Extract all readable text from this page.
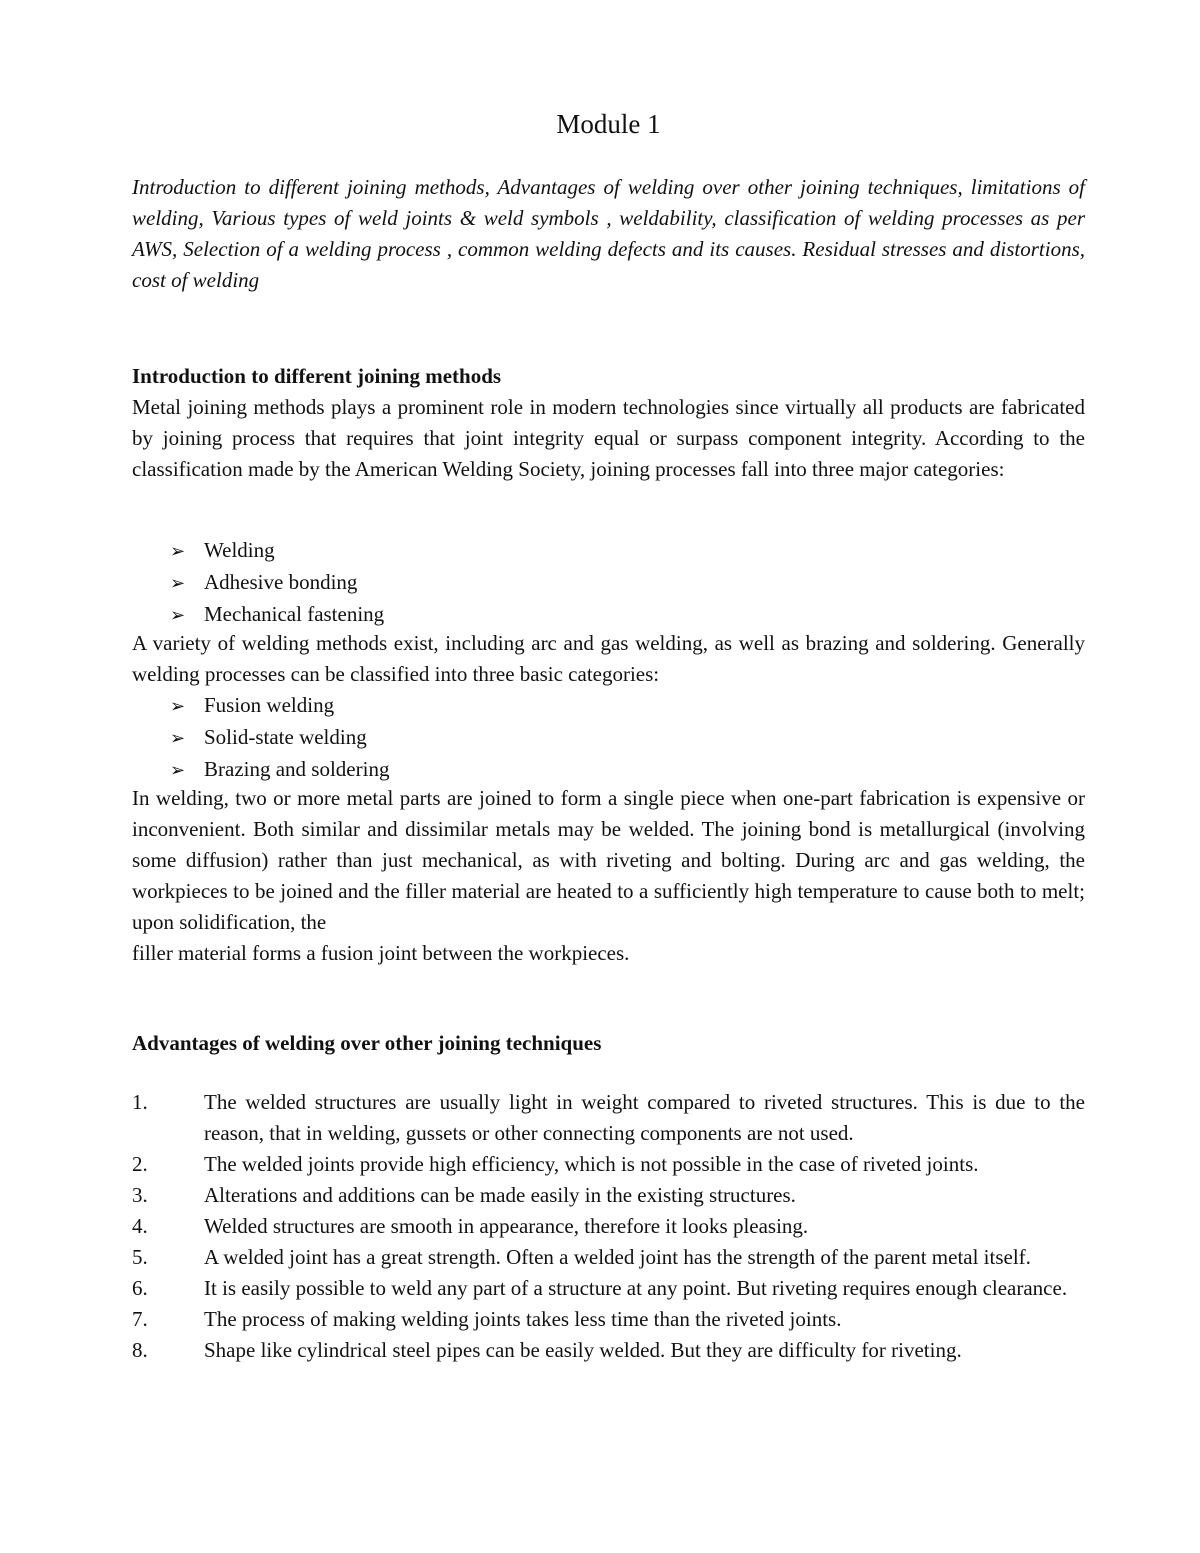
Module 1
Introduction to different joining methods, Advantages of welding over other joining techniques, limitations of welding, Various types of weld joints & weld symbols , weldability, classification of welding processes as per AWS, Selection of a welding process , common welding defects and its causes. Residual stresses and distortions, cost of welding
Introduction to different joining methods

Metal joining methods plays a prominent role in modern technologies since virtually all products are fabricated by joining process that requires that joint integrity equal or surpass component integrity. According to the classification made by the American Welding Society, joining processes fall into three major categories:

➢ Welding
➢ Adhesive bonding
➢ Mechanical fastening

A variety of welding methods exist, including arc and gas welding, as well as brazing and soldering. Generally welding processes can be classified into three basic categories:

➢ Fusion welding
➢ Solid-state welding
➢ Brazing and soldering

In welding, two or more metal parts are joined to form a single piece when one-part fabrication is expensive or inconvenient. Both similar and dissimilar metals may be welded. The joining bond is metallurgical (involving some diffusion) rather than just mechanical, as with riveting and bolting. During arc and gas welding, the workpieces to be joined and the filler material are heated to a sufficiently high temperature to cause both to melt; upon solidification, the

filler material forms a fusion joint between the workpieces.

Advantages of welding over other joining techniques
1.	The welded structures are usually light in weight compared to riveted structures. This is due to the reason, that in welding, gussets or other connecting components are not used.
2.	The welded joints provide high efficiency, which is not possible in the case of riveted joints.
3.	Alterations and additions can be made easily in the existing structures.
4.	Welded structures are smooth in appearance, therefore it looks pleasing.
5.	A welded joint has a great strength. Often a welded joint has the strength of the parent metal itself.
6.	It is easily possible to weld any part of a structure at any point. But riveting requires enough clearance.
7.	The process of making welding joints takes less time than the riveted joints.
8.	Shape like cylindrical steel pipes can be easily welded. But they are difficulty for riveting.
